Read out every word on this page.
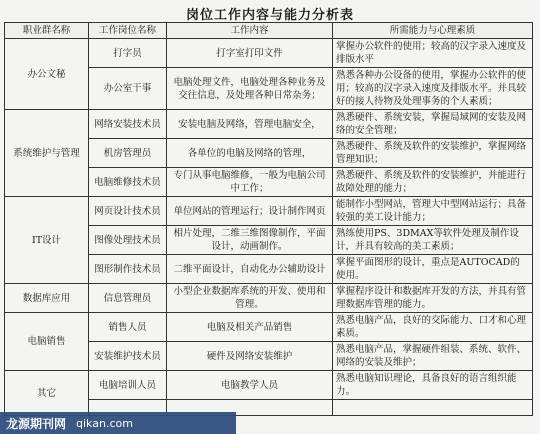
岗位工作内容与能力分析表
职业群名称	工作岗位名称	工作内容	所需能力与心理素质
办公文秘	打字员	打字室打印文件	掌握办公软件的使用；较高的汉字录入速度及排版水平
	办公室干事	电脑处理文件，电脑处理各种业务及交往信息，及处理各种日常杂务；	熟悉各种办公设备的使用，掌握办公软件的使用；较高的汉字录入速度及排版水平。并具较好的接人待物及处理事务的个人素质；
系统维护与管理	网络安装技术员	安装电脑及网络，管理电脑安全，	熟悉硬件、系统安装，掌握局域网的安装及网络的安全管理；
	机房管理员	各单位的电脑及网络的管理，	熟悉硬件、系统及软件的安装维护，掌握网络管理知识；
	电脑维修技术员	专门从事电脑维修，一般为电脑公司中工作；	熟悉硬件、系统及软件的安装维护，并能进行故障处理的能力；
IT设计	网页设计技术员	单位网站的管理运行；设计制作网页	能制作小型网站，管理大中型网站运行；具备较强的美工设计能力；
	图像处理技术员	相片处理，二维三维图像制作，平面设计，动画制作。	熟练使用PS、3DMAX等软件处理及制作设计，并具有较高的美工素质；
	图形制作技术员	二维平面设计，自动化办公辅助设计	掌握平面图形的设计，重点是AUTOCAD的使用。
数据库应用	信息管理员	小型企业数据库系统的开发、使用和管理。	掌握程序设计和数据库开发的方法，并具有管理数据库管理的能力。
电脑销售	销售人员	电脑及相关产品销售	熟悉电脑产品，良好的交际能力、口才和心理素质。
	安装维护技术员	硬件及网络安装维护	熟悉电脑产品，掌握硬件组装、系统、软件、网络的安装及维护；
其它	电脑培训人员	电脑教学人员	熟悉电脑知识理论，具备良好的语言组织能力。

龙源期刊网 qikan.com
